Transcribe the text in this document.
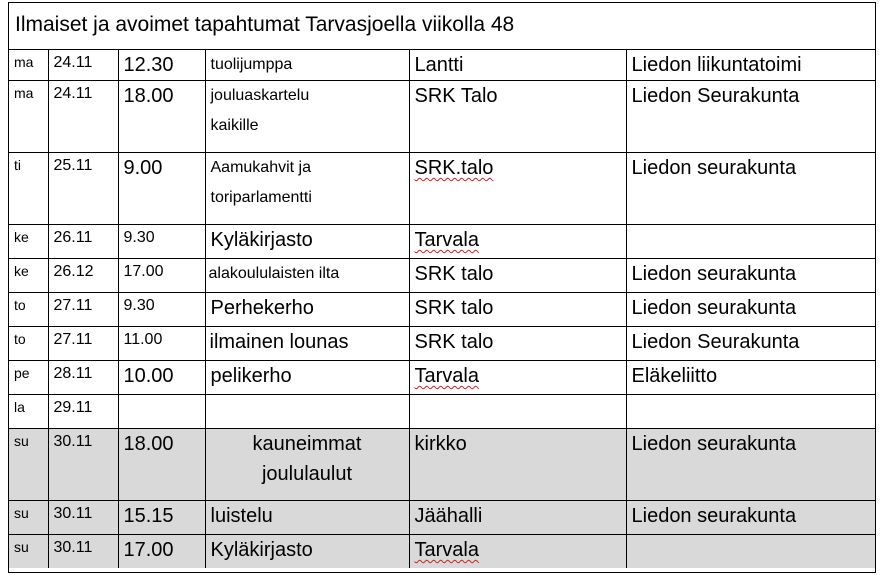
Ilmaiset ja avoimet tapahtumat Tarvasjoella viikolla 48
ma	24.11	12.30	tuolijumppa	Lantti	Liedon liikuntatoimi
ma	24.11	18.00	jouluaskartelu kaikille	SRK Talo	Liedon Seurakunta
ti	25.11	9.00	Aamukahvit ja toriparlamentti	SRK.talo	Liedon seurakunta
ke	26.11	9.30	Kyläkirjasto	Tarvala	
ke	26.12	17.00	alakoululaisten ilta	SRK talo	Liedon seurakunta
to	27.11	9.30	Perhekerho	SRK talo	Liedon seurakunta
to	27.11	11.00	ilmainen lounas	SRK talo	Liedon Seurakunta
pe	28.11	10.00	pelikerho	Tarvala	Eläkeliitto
la	29.11				
su	30.11	18.00	kauneimmat joululaulut	kirkko	Liedon seurakunta
su	30.11	15.15	luistelu	Jäähalli	Liedon seurakunta
su	30.11	17.00	Kyläkirjasto	Tarvala	
